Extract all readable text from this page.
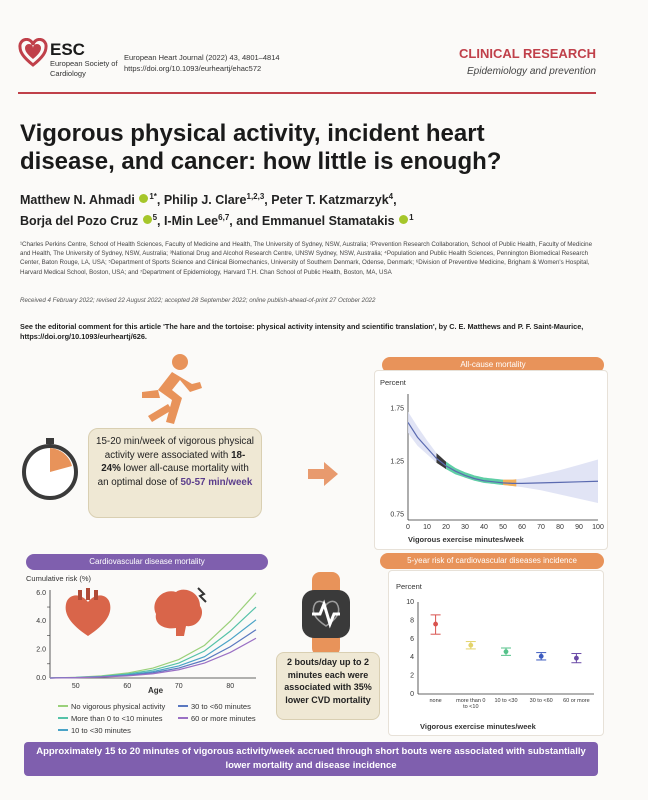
ESC
European Society of Cardiology
European Heart Journal (2022) 43, 4801–4814
https://doi.org/10.1093/eurheartj/ehac572
CLINICAL RESEARCH
Epidemiology and prevention
Vigorous physical activity, incident heart disease, and cancer: how little is enough?
Matthew N. Ahmadi $^{1*}$, Philip J. Clare$^{1,2,3}$, Peter T. Katzmarzyk$^4$,
Borja del Pozo Cruz $^5$, I-Min Lee$^{6,7}$, and Emmanuel Stamatakis $^1$
¹Charles Perkins Centre, School of Health Sciences, Faculty of Medicine and Health, The University of Sydney, NSW, Australia; ²Prevention Research Collaboration, School of Public Health, Faculty of Medicine and Health, The University of Sydney, NSW, Australia; ³National Drug and Alcohol Research Centre, UNSW Sydney, NSW, Australia; ⁴Population and Public Health Sciences, Pennington Biomedical Research Center, Baton Rouge, LA, USA; ⁵Department of Sports Science and Clinical Biomechanics, University of Southern Denmark, Odense, Denmark; ⁶Division of Preventive Medicine, Brigham & Women's Hospital, Harvard Medical School, Boston, USA; and ⁷Department of Epidemiology, Harvard T.H. Chan School of Public Health, Boston, MA, USA
Received 4 February 2022; revised 22 August 2022; accepted 28 September 2022; online publish-ahead-of-print 27 October 2022
See the editorial comment for this article 'The hare and the tortoise: physical activity intensity and scientific translation', by C. E. Matthews and P. F. Saint-Maurice, https://doi.org/10.1093/eurheartj/626.
15-20 min/week of vigorous physical activity were associated with 18-24% lower all-cause mortality with an optimal dose of 50-57 min/week
All-cause mortality
Percent
0 10 20 30 40 50 60 70 80 90 100
1.75
1.25
0.75
Vigorous exercise minutes/week
Cardiovascular disease mortality
Cumulative risk (%)
50	60	70	80
6.0
4.0
2.0
0.0
Age
No vigorous physical activity
More than 0 to <10 minutes
10 to <30 minutes
30 to <60 minutes
60 or more minutes
2 bouts/day up to 2 minutes each were associated with 35% lower CVD mortality
5-year risk of cardiovascular diseases incidence
Percent
10
8
6
4
2
0
none	more than 0
to <10
10 to <30 30 to <60 60 or more
Vigorous exercise minutes/week
Approximately 15 to 20 minutes of vigorous activity/week accrued through short bouts were associated with substantially lower mortality and disease incidence
